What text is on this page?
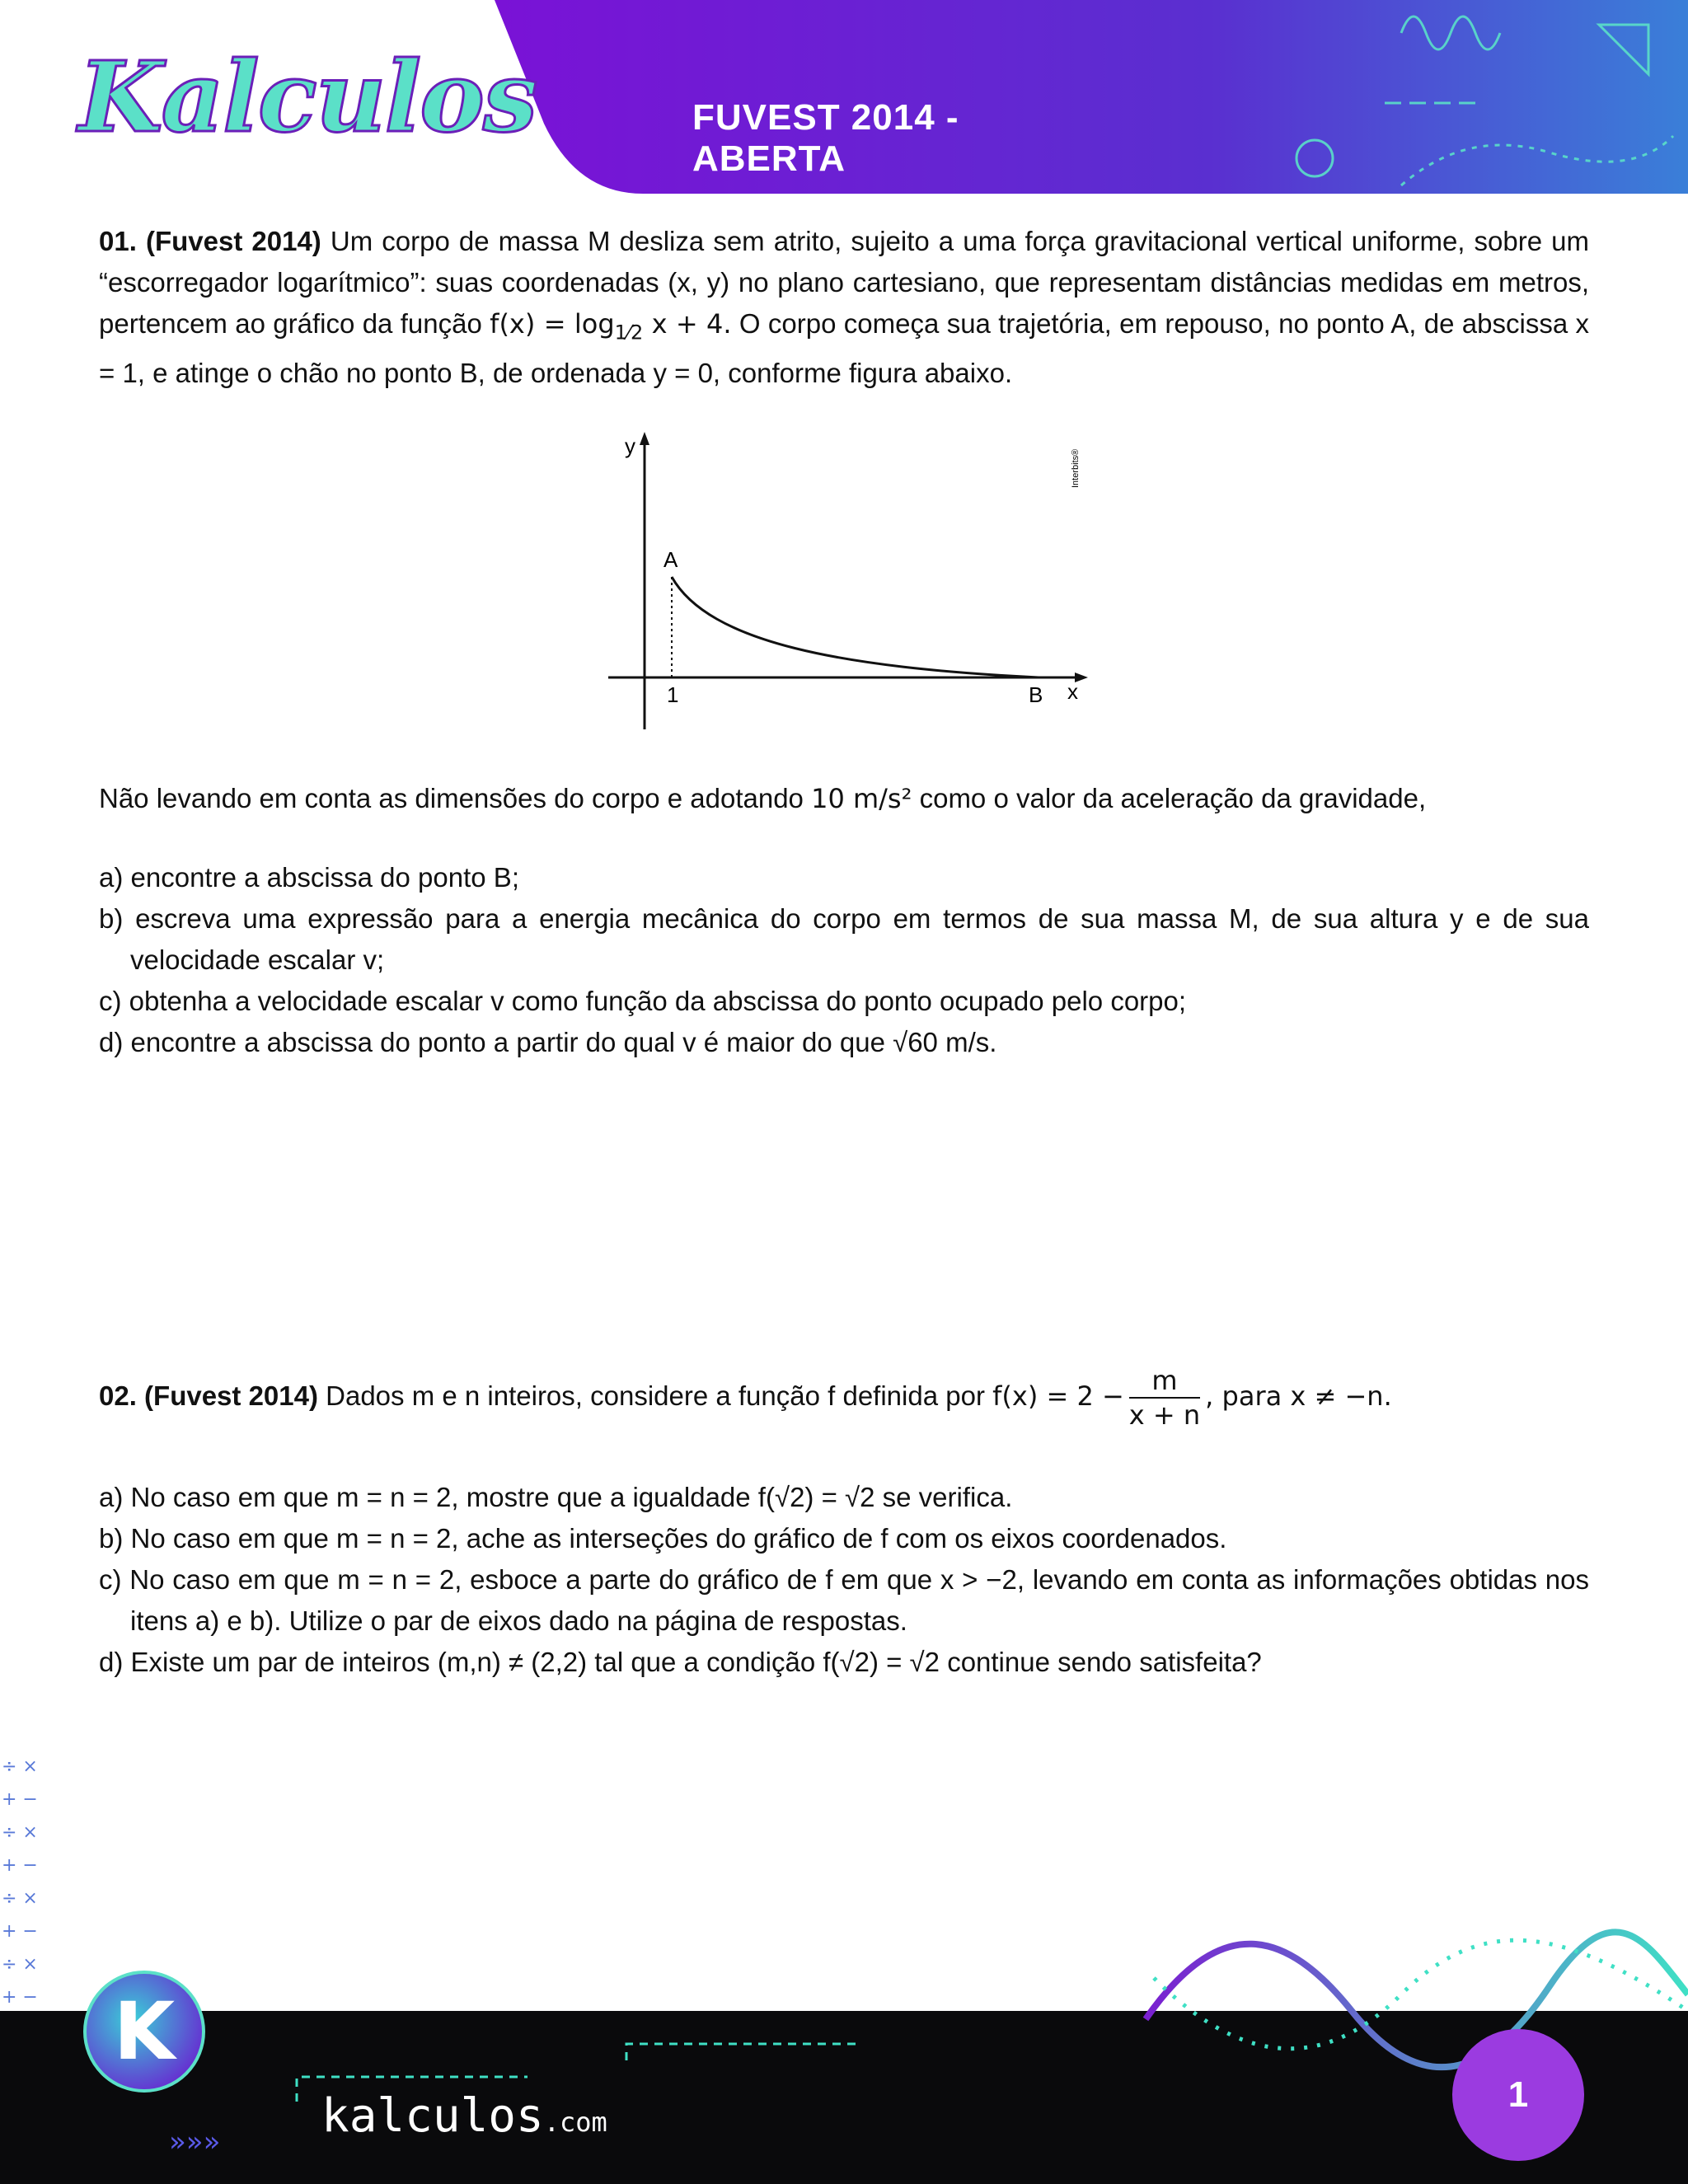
Kalculos	FUVEST 2014 - ABERTA
01. (Fuvest 2014) Um corpo de massa M desliza sem atrito, sujeito a uma força gravitacional vertical uniforme, sobre um “escorregador logarítmico”: suas coordenadas (x, y) no plano cartesiano, que representam distâncias medidas em metros, pertencem ao gráfico da função $f(x) = \log_{1⁄2} x + 4$. O corpo começa sua trajetória, em repouso, no ponto A, de abscissa x = 1, e atinge o chão no ponto B, de ordenada y = 0, conforme figura abaixo.
y
A
1	B x
Interbits®
Não levando em conta as dimensões do corpo e adotando 10 m/s² como o valor da aceleração da gravidade,
a) encontre a abscissa do ponto B;
b) escreva uma expressão para a energia mecânica do corpo em termos de sua massa M, de sua altura y e de sua velocidade escalar v;
c) obtenha a velocidade escalar v como função da abscissa do ponto ocupado pelo corpo;
d) encontre a abscissa do ponto a partir do qual v é maior do que √60 m/s.
02. (Fuvest 2014) Dados m e n inteiros, considere a função f definida por $f(x) = 2 - \frac{m}{x + n}$ , para x ≠ −n.
a) No caso em que m = n = 2, mostre que a igualdade f(√2) = √2 se verifica.
b) No caso em que m = n = 2, ache as interseções do gráfico de f com os eixos coordenados.
c) No caso em que m = n = 2, esboce a parte do gráfico de f em que x > −2, levando em conta as informações obtidas nos itens a) e b). Utilize o par de eixos dado na página de respostas.
d) Existe um par de inteiros (m,n) ≠ (2,2) tal que a condição f(√2) = √2 continue sendo satisfeita?
÷ ×
+ −
÷ ×
+ −
÷ ×
+ −
÷ ×
+ −
»»»
K
kalculos.com
1
